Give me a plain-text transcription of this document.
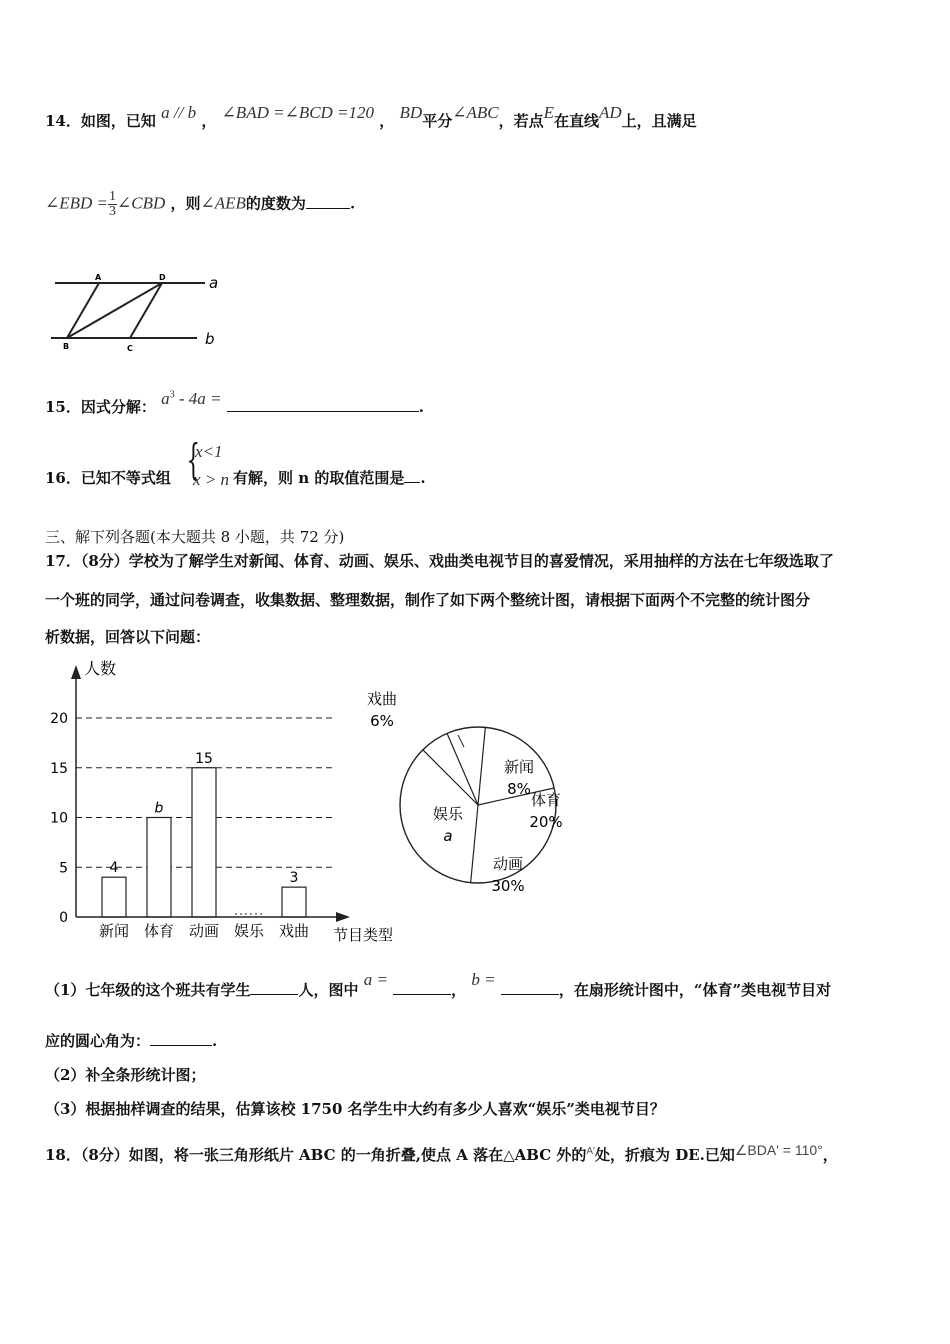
14．如图，已知 a // b ， ∠BAD =∠BCD =120 ， BD平分∠ABC，若点E在直线AD上，且满足
∠EBD = $\frac{1}{3}$ ∠CBD ，则∠AEB的度数为	.
A	D
B	C
a
b
15．因式分解： $a^3 - 4a$ =	.
16．已知不等式组 {
x<1
x > n 有解，则 n 的取值范围是 .
三、解下列各题(本大题共 8 小题，共 72 分)
17．（8分）学校为了解学生对新闻、体育、动画、娱乐、戏曲类电视节目的喜爱情况，采用抽样的方法在七年级选取了
一个班的同学，通过问卷调查，收集数据、整理数据，制作了如下两个整统计图，请根据下面两个不完整的统计图分
析数据，回答以下问题：
0
5
10
15
20
4
b
15
3
新闻 体育 动画 娱乐 戏曲
人数
节目类型
戏曲
6%
新闻
8%
体育
20%
动画
30%
娱乐
a
（1）七年级的这个班共有学生	人，图中 a = ， b = ，在扇形统计图中，“体育”类电视节目对
应的圆心角为：	.
（2）补全条形统计图；
（3）根据抽样调查的结果，估算该校 1750 名学生中大约有多少人喜欢“娱乐”类电视节目？
18．（8分）如图，将一张三角形纸片 ABC 的一角折叠,使点 A 落在△ABC 外的$^{A'}$处，折痕为 DE.已知∠BDA' = 110°，
